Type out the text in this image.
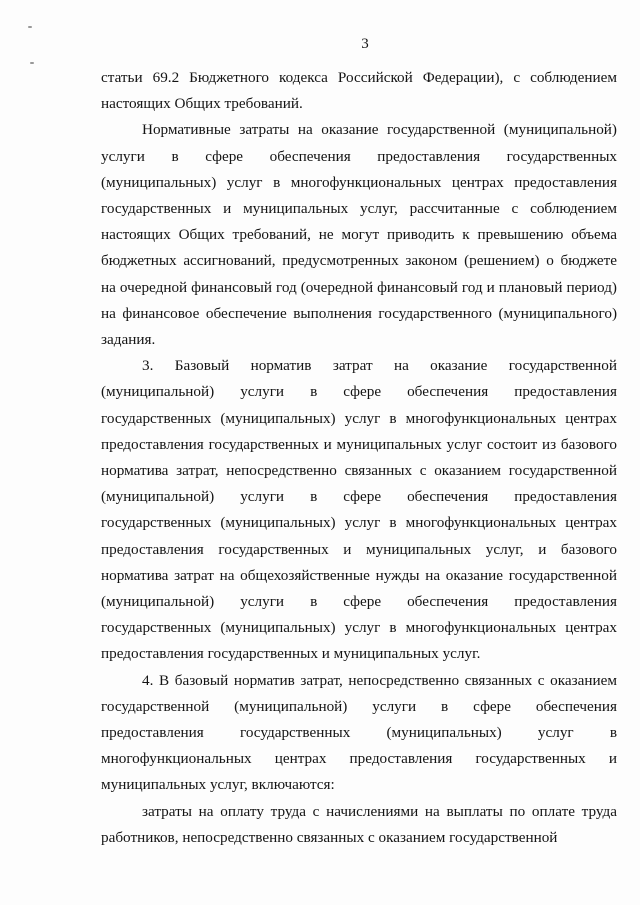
3

статьи 69.2 Бюджетного кодекса Российской Федерации), с соблюдением настоящих Общих требований.

Нормативные затраты на оказание государственной (муниципальной) услуги в сфере обеспечения предоставления государственных (муниципальных) услуг в многофункциональных центрах предоставления государственных и муниципальных услуг, рассчитанные с соблюдением настоящих Общих требований, не могут приводить к превышению объема бюджетных ассигнований, предусмотренных законом (решением) о бюджете на очередной финансовый год (очередной финансовый год и плановый период) на финансовое обеспечение выполнения государственного (муниципального) задания.

3. Базовый норматив затрат на оказание государственной (муниципальной) услуги в сфере обеспечения предоставления государственных (муниципальных) услуг в многофункциональных центрах предоставления государственных и муниципальных услуг состоит из базового норматива затрат, непосредственно связанных с оказанием государственной (муниципальной) услуги в сфере обеспечения предоставления государственных (муниципальных) услуг в многофункциональных центрах предоставления государственных и муниципальных услуг, и базового норматива затрат на общехозяйственные нужды на оказание государственной (муниципальной) услуги в сфере обеспечения предоставления государственных (муниципальных) услуг в многофункциональных центрах предоставления государственных и муниципальных услуг.

4. В базовый норматив затрат, непосредственно связанных с оказанием государственной (муниципальной) услуги в сфере обеспечения предоставления государственных (муниципальных) услуг в многофункциональных центрах предоставления государственных и муниципальных услуг, включаются:

затраты на оплату труда с начислениями на выплаты по оплате труда работников, непосредственно связанных с оказанием государственной
